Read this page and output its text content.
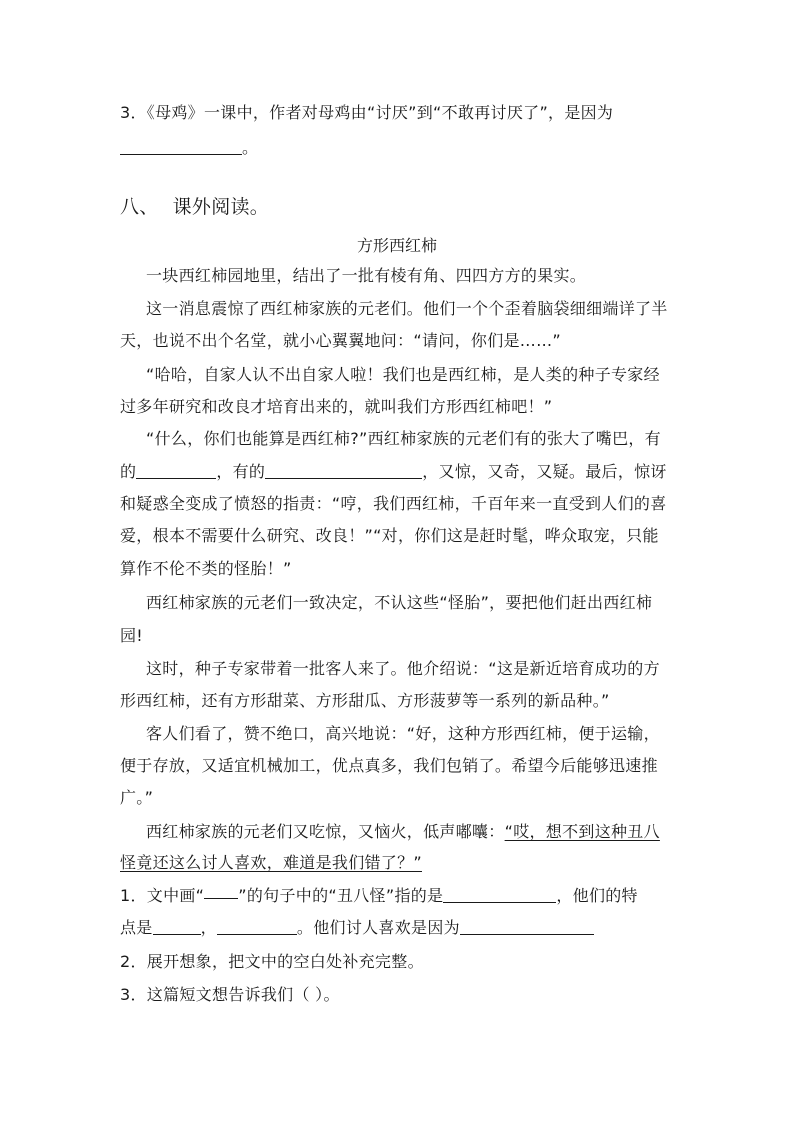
3．《母鸡》一课中，作者对母鸡由“讨厌”到“不敢再讨厌了”，是因为
。
八、 课外阅读。
方形西红柿
一块西红柿园地里，结出了一批有棱有角、四四方方的果实。
这一消息震惊了西红柿家族的元老们。他们一个个歪着脑袋细细端详了半
天，也说不出个名堂，就小心翼翼地问：“请问，你们是……”
“哈哈，自家人认不出自家人啦！我们也是西红柿，是人类的种子专家经
过多年研究和改良才培育出来的，就叫我们方形西红柿吧！”
“什么，你们也能算是西红柿?”西红柿家族的元老们有的张大了嘴巴，有
的	，有的	，又惊，又奇，又疑。最后，惊讶
和疑惑全变成了愤怒的指责：“哼，我们西红柿，千百年来一直受到人们的喜
爱，根本不需要什么研究、改良！”“对，你们这是赶时髦，哗众取宠，只能
算作不伦不类的怪胎！”
西红柿家族的元老们一致决定，不认这些“怪胎”，要把他们赶出西红柿
园!
这时，种子专家带着一批客人来了。他介绍说：“这是新近培育成功的方
形西红柿，还有方形甜菜、方形甜瓜、方形菠萝等一系列的新品种。”
客人们看了，赞不绝口，高兴地说：“好，这种方形西红柿，便于运输，
便于存放，又适宜机械加工，优点真多，我们包销了。希望今后能够迅速推
广。”
西红柿家族的元老们又吃惊，又恼火，低声嘟囔：“哎，想不到这种丑八
怪竟还这么讨人喜欢，难道是我们错了？”
1．文中画“ ”的句子中的“丑八怪”指的是	，他们的特
点是	，	。他们讨人喜欢是因为
2．展开想象，把文中的空白处补充完整。
3．这篇短文想告诉我们（ ）。
